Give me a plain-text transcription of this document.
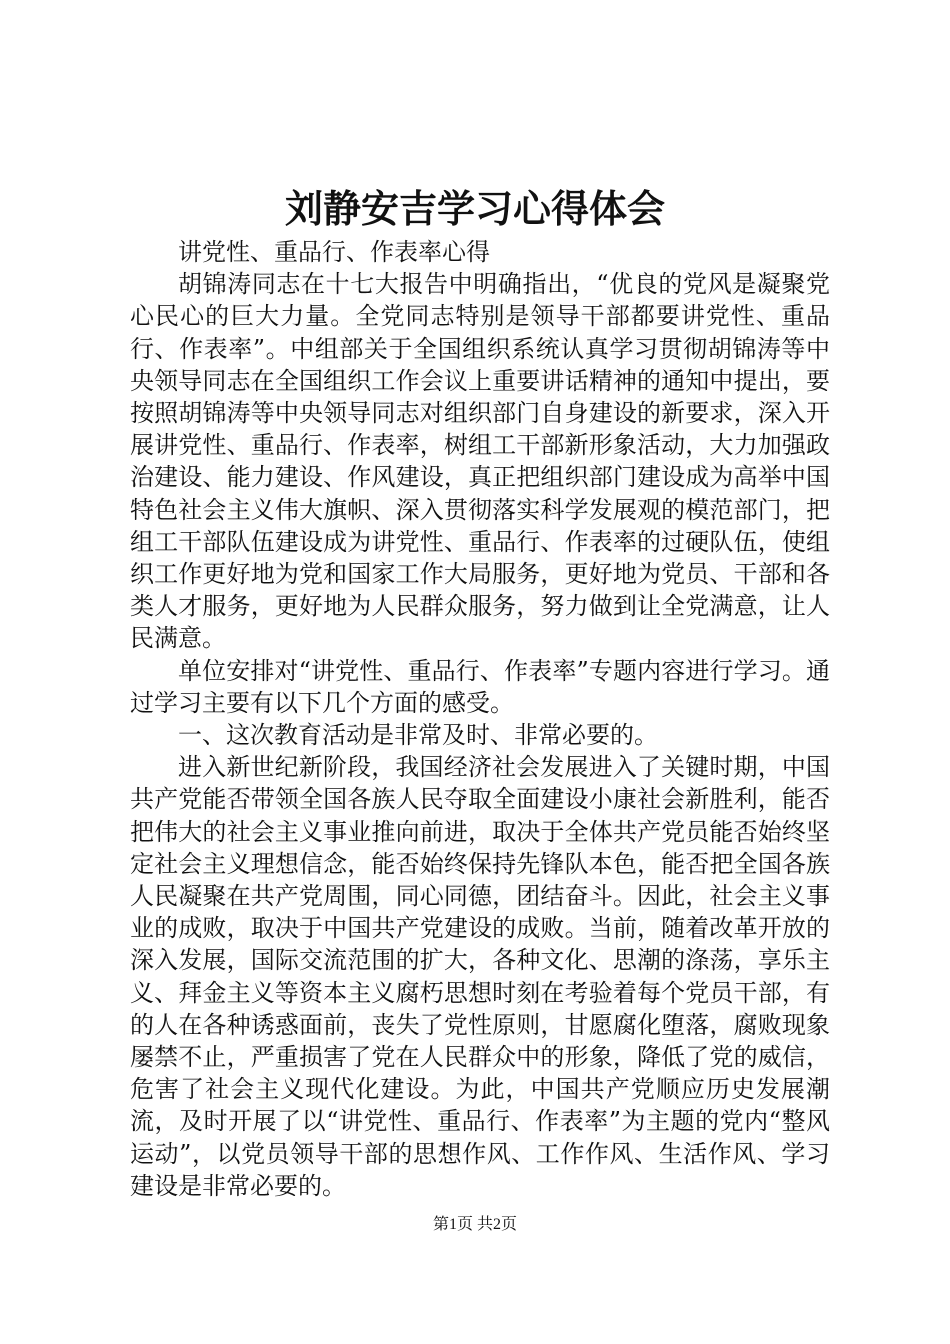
刘静安吉学习心得体会

讲党性、重品行、作表率心得

胡锦涛同志在十七大报告中明确指出，“优良的党风是凝聚党心民心的巨大力量。全党同志特别是领导干部都要讲党性、重品行、作表率”。中组部关于全国组织系统认真学习贯彻胡锦涛等中央领导同志在全国组织工作会议上重要讲话精神的通知中提出，要按照胡锦涛等中央领导同志对组织部门自身建设的新要求，深入开展讲党性、重品行、作表率，树组工干部新形象活动，大力加强政治建设、能力建设、作风建设，真正把组织部门建设成为高举中国特色社会主义伟大旗帜、深入贯彻落实科学发展观的模范部门，把组工干部队伍建设成为讲党性、重品行、作表率的过硬队伍，使组织工作更好地为党和国家工作大局服务，更好地为党员、干部和各类人才服务，更好地为人民群众服务，努力做到让全党满意，让人民满意。

单位安排对“讲党性、重品行、作表率”专题内容进行学习。通过学习主要有以下几个方面的感受。

一、这次教育活动是非常及时、非常必要的。

进入新世纪新阶段，我国经济社会发展进入了关键时期，中国共产党能否带领全国各族人民夺取全面建设小康社会新胜利，能否把伟大的社会主义事业推向前进，取决于全体共产党员能否始终坚定社会主义理想信念，能否始终保持先锋队本色，能否把全国各族人民凝聚在共产党周围，同心同德，团结奋斗。因此，社会主义事业的成败，取决于中国共产党建设的成败。当前，随着改革开放的深入发展，国际交流范围的扩大，各种文化、思潮的涤荡，享乐主义、拜金主义等资本主义腐朽思想时刻在考验着每个党员干部，有的人在各种诱惑面前，丧失了党性原则，甘愿腐化堕落，腐败现象屡禁不止，严重损害了党在人民群众中的形象，降低了党的威信，危害了社会主义现代化建设。为此，中国共产党顺应历史发展潮流，及时开展了以“讲党性、重品行、作表率”为主题的党内“整风运动”，以党员领导干部的思想作风、工作作风、生活作风、学习建设是非常必要的。

第1页 共2页
